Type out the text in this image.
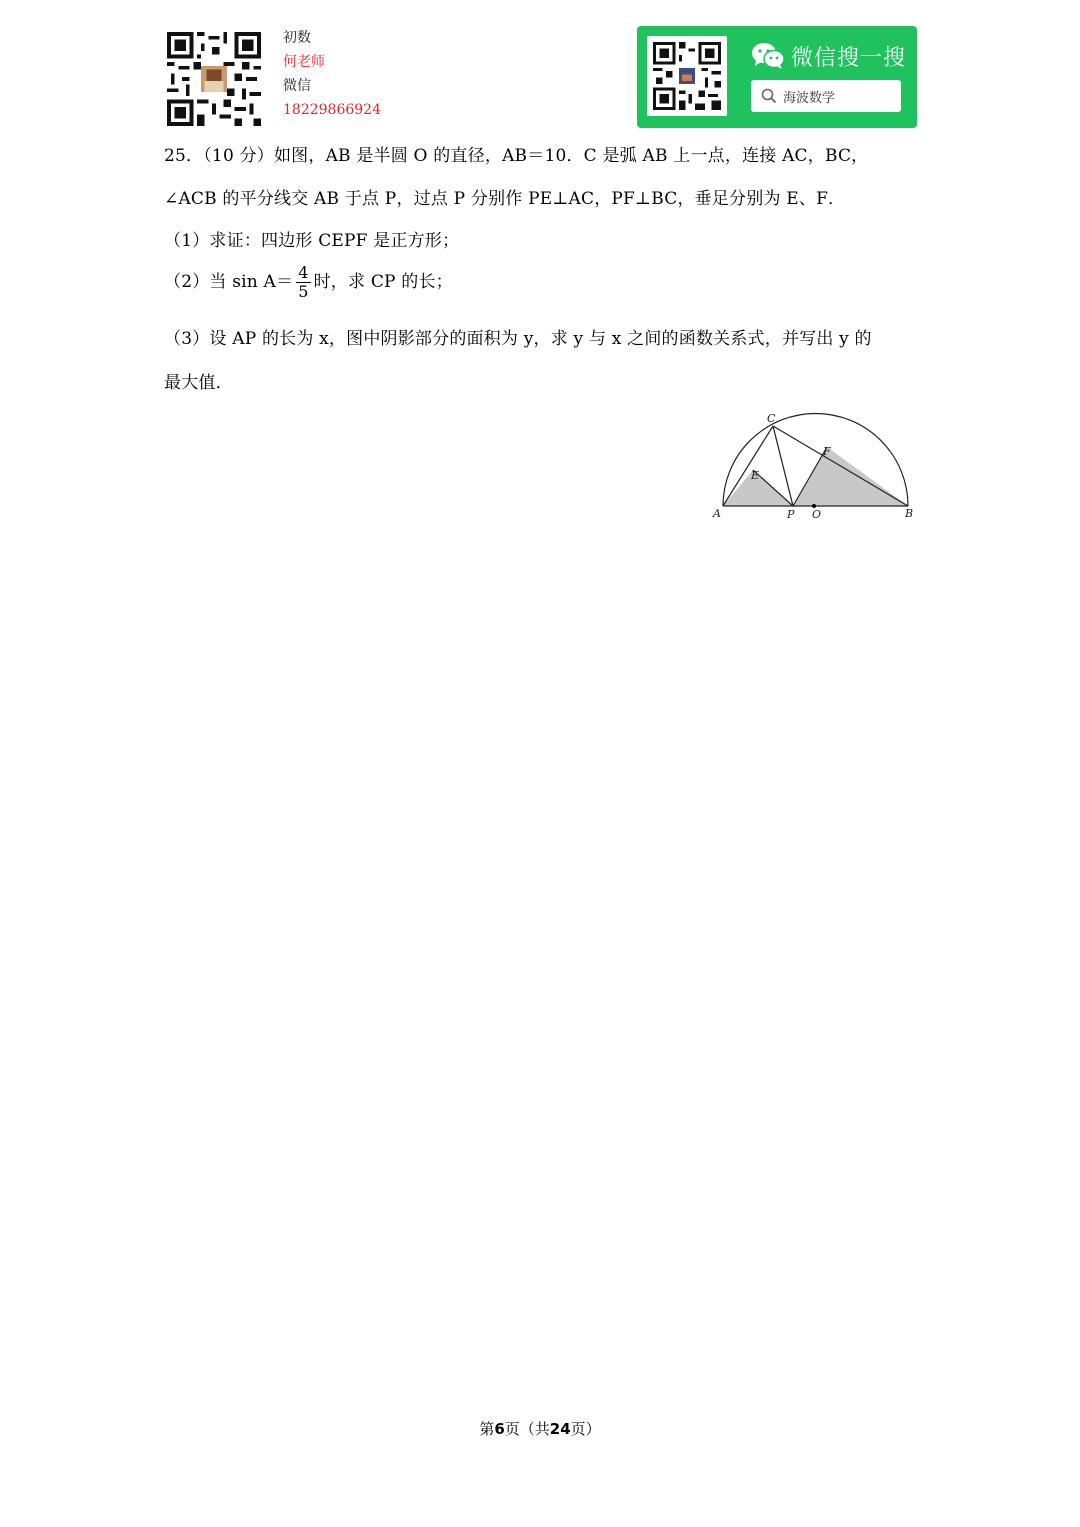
初数
何老师
微信
18229866924
微信搜一搜
海波数学
25．（10 分）如图，AB 是半圆 O 的直径，AB＝10．C 是弧 AB 上一点，连接 AC，BC，
∠ACB 的平分线交 AB 于点 P，过点 P 分别作 PE⊥AC，PF⊥BC，垂足分别为 E、F．
（1）求证：四边形 CEPF 是正方形；
（2）当 $\sin A= \frac{4}{5}$ 时，求 CP 的长；
（3）设 AP 的长为 x，图中阴影部分的面积为 y，求 y 与 x 之间的函数关系式，并写出 y 的
最大值．
A	B
C
E
F
P O
第6页（共24页）
